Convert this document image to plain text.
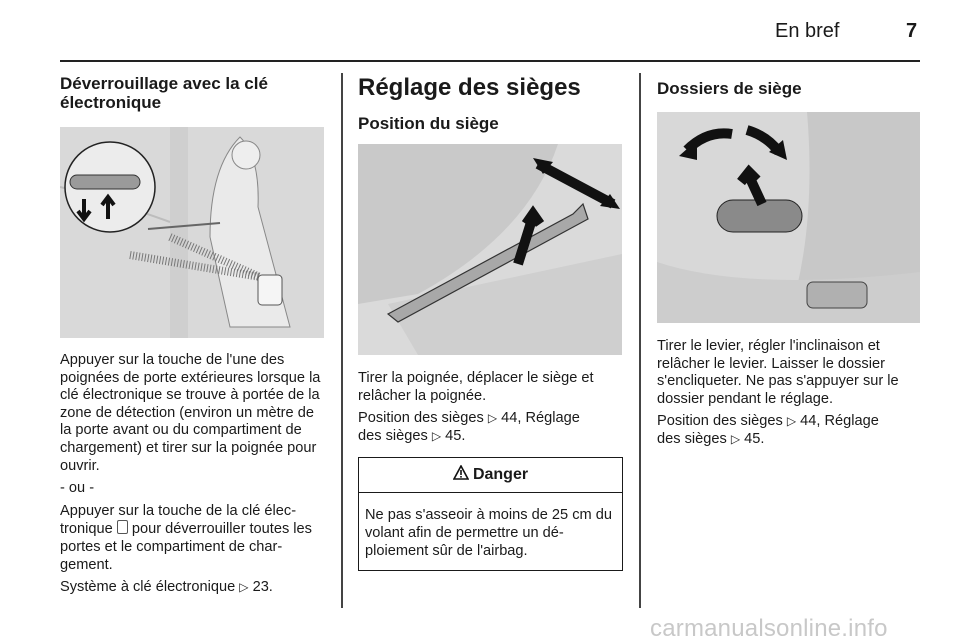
En bref	7
Déverrouillage avec la clé électronique

Appuyer sur la touche de l'une des poignées de porte extérieures lorsque la clé électronique se trouve à portée de la zone de détection (environ un mètre de la porte avant ou du compartiment de chargement) et tirer sur la poignée pour ouvrir.

- ou -

Appuyer sur la touche de la clé électronique pour déverrouiller toutes les portes et le compartiment de chargement.

Système à clé électronique ▷ 23.

Réglage des sièges
Position du siège

Tirer la poignée, déplacer le siège et relâcher la poignée.

Position des sièges ▷ 44, Réglage
des sièges ▷ 45.

Danger

Ne pas s'asseoir à moins de 25 cm du volant afin de permettre un déploiement sûr de l'airbag.

Dossiers de siège

Tirer le levier, régler l'inclinaison et relâcher le levier. Laisser le dossier s'encliqueter. Ne pas s'appuyer sur le dossier pendant le réglage.

Position des sièges ▷ 44, Réglage
des sièges ▷ 45.

carmanualsonline.info
